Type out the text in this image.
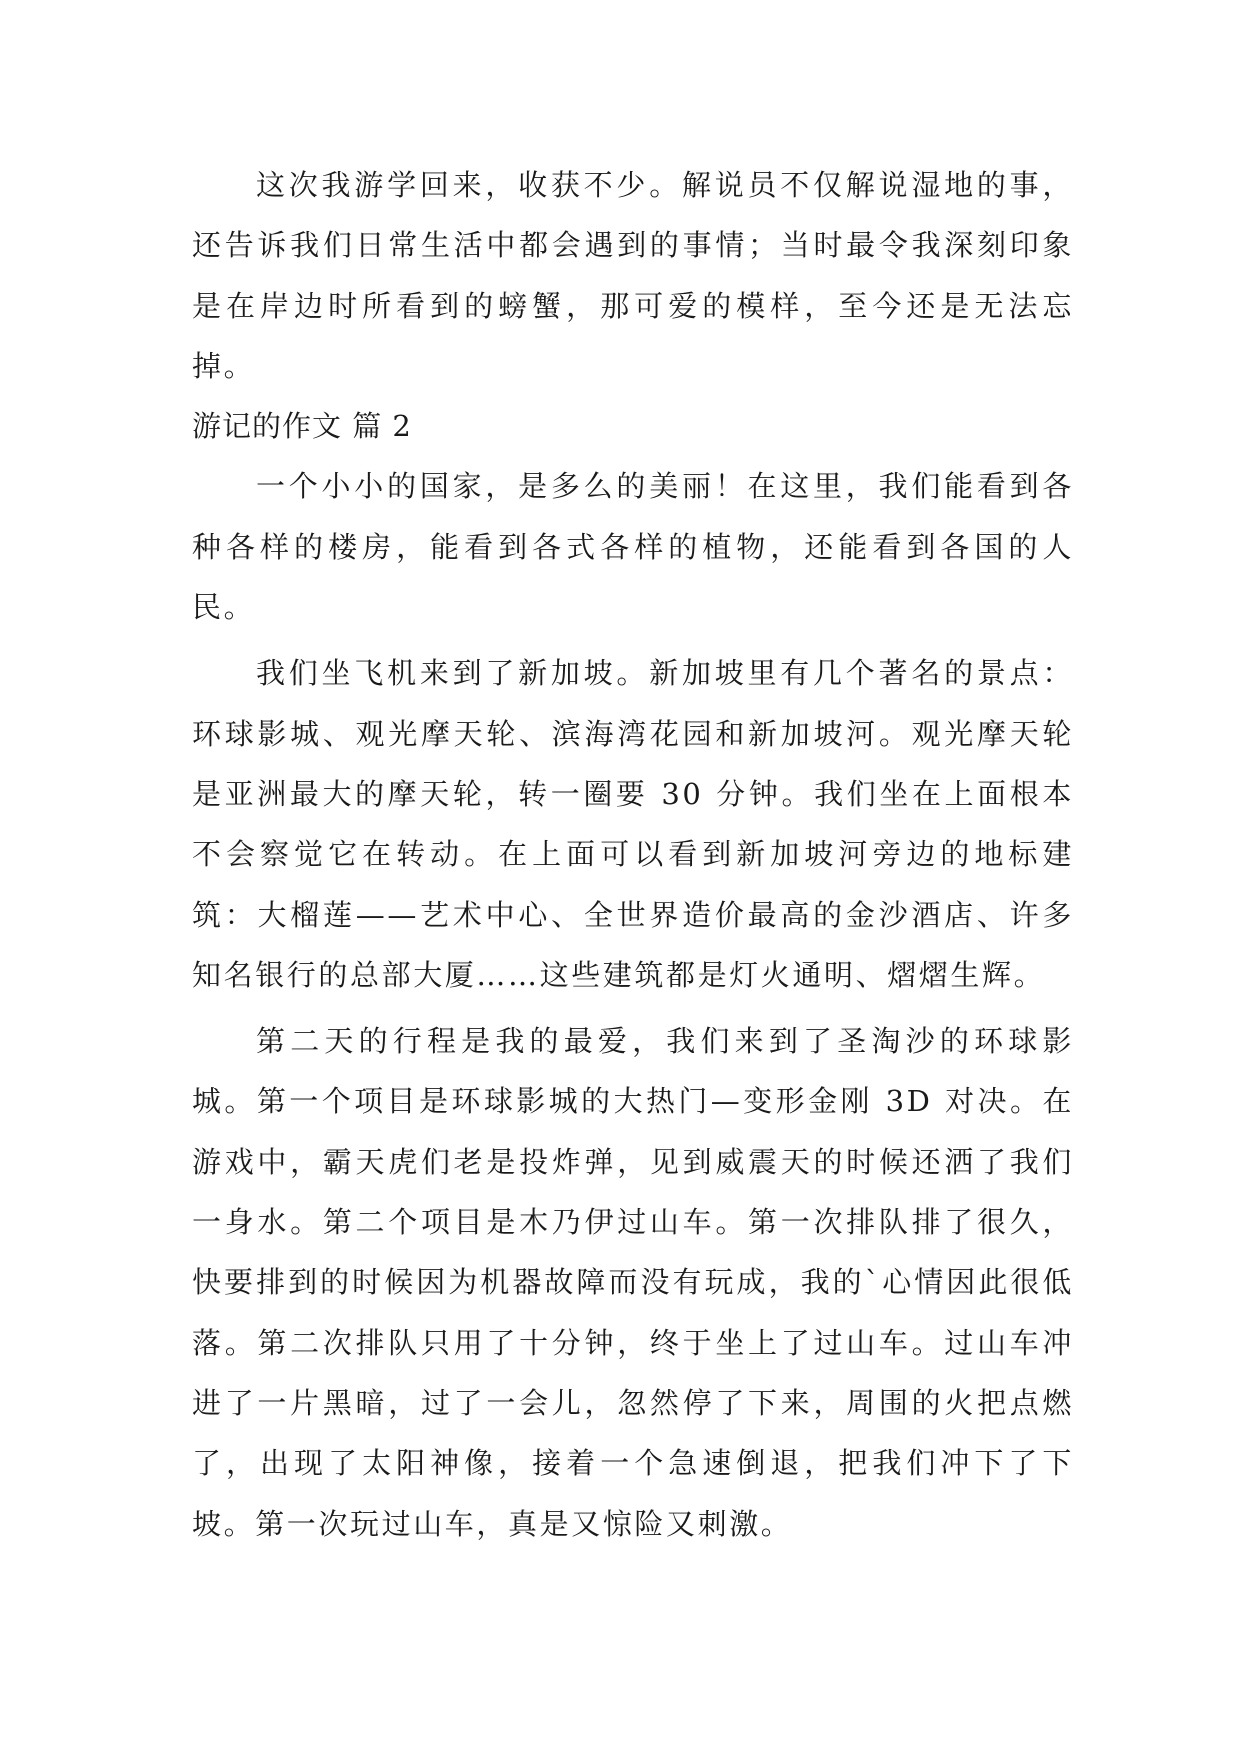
这次我游学回来，收获不少。解说员不仅解说湿地的事，还告诉我们日常生活中都会遇到的事情；当时最令我深刻印象是在岸边时所看到的螃蟹，那可爱的模样，至今还是无法忘掉。

游记的作文 篇 2

一个小小的国家，是多么的美丽！在这里，我们能看到各种各样的楼房，能看到各式各样的植物，还能看到各国的人民。

我们坐飞机来到了新加坡。新加坡里有几个著名的景点：环球影城、观光摩天轮、滨海湾花园和新加坡河。观光摩天轮是亚洲最大的摩天轮，转一圈要 30 分钟。我们坐在上面根本不会察觉它在转动。在上面可以看到新加坡河旁边的地标建筑：大榴莲——艺术中心、全世界造价最高的金沙酒店、许多知名银行的总部大厦……这些建筑都是灯火通明、熠熠生辉。

第二天的行程是我的最爱，我们来到了圣淘沙的环球影城。第一个项目是环球影城的大热门—变形金刚 3D 对决。在游戏中，霸天虎们老是投炸弹，见到威震天的时候还洒了我们一身水。第二个项目是木乃伊过山车。第一次排队排了很久，快要排到的时候因为机器故障而没有玩成，我的`心情因此很低落。第二次排队只用了十分钟，终于坐上了过山车。过山车冲进了一片黑暗，过了一会儿，忽然停了下来，周围的火把点燃了，出现了太阳神像，接着一个急速倒退，把我们冲下了下坡。第一次玩过山车，真是又惊险又刺激。
